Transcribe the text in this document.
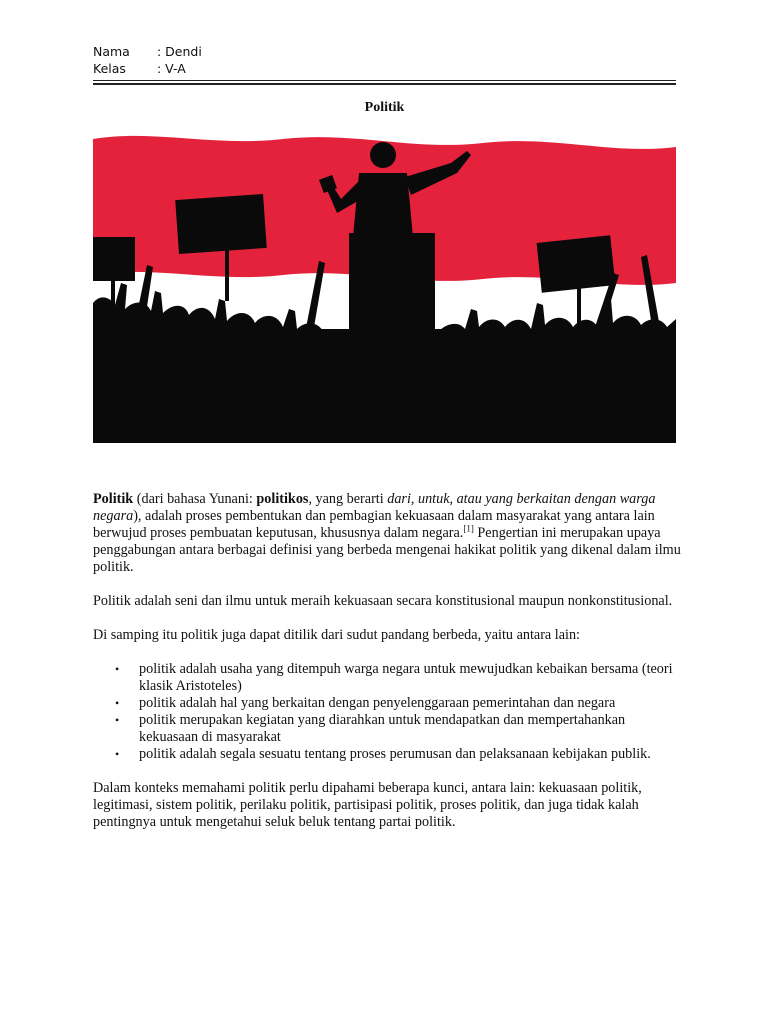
Nama	: Dendi
Kelas	: V-A
Politik

Politik (dari bahasa Yunani: politikos, yang berarti dari, untuk, atau yang berkaitan dengan warga negara), adalah proses pembentukan dan pembagian kekuasaan dalam masyarakat yang antara lain berwujud proses pembuatan keputusan, khususnya dalam negara.[1] Pengertian ini merupakan upaya penggabungan antara berbagai definisi yang berbeda mengenai hakikat politik yang dikenal dalam ilmu politik.

Politik adalah seni dan ilmu untuk meraih kekuasaan secara konstitusional maupun nonkonstitusional.

Di samping itu politik juga dapat ditilik dari sudut pandang berbeda, yaitu antara lain:

• politik adalah usaha yang ditempuh warga negara untuk mewujudkan kebaikan bersama (teori klasik Aristoteles)
• politik adalah hal yang berkaitan dengan penyelenggaraan pemerintahan dan negara
• politik merupakan kegiatan yang diarahkan untuk mendapatkan dan mempertahankan kekuasaan di masyarakat
• politik adalah segala sesuatu tentang proses perumusan dan pelaksanaan kebijakan publik.

Dalam konteks memahami politik perlu dipahami beberapa kunci, antara lain: kekuasaan politik, legitimasi, sistem politik, perilaku politik, partisipasi politik, proses politik, dan juga tidak kalah pentingnya untuk mengetahui seluk beluk tentang partai politik.
